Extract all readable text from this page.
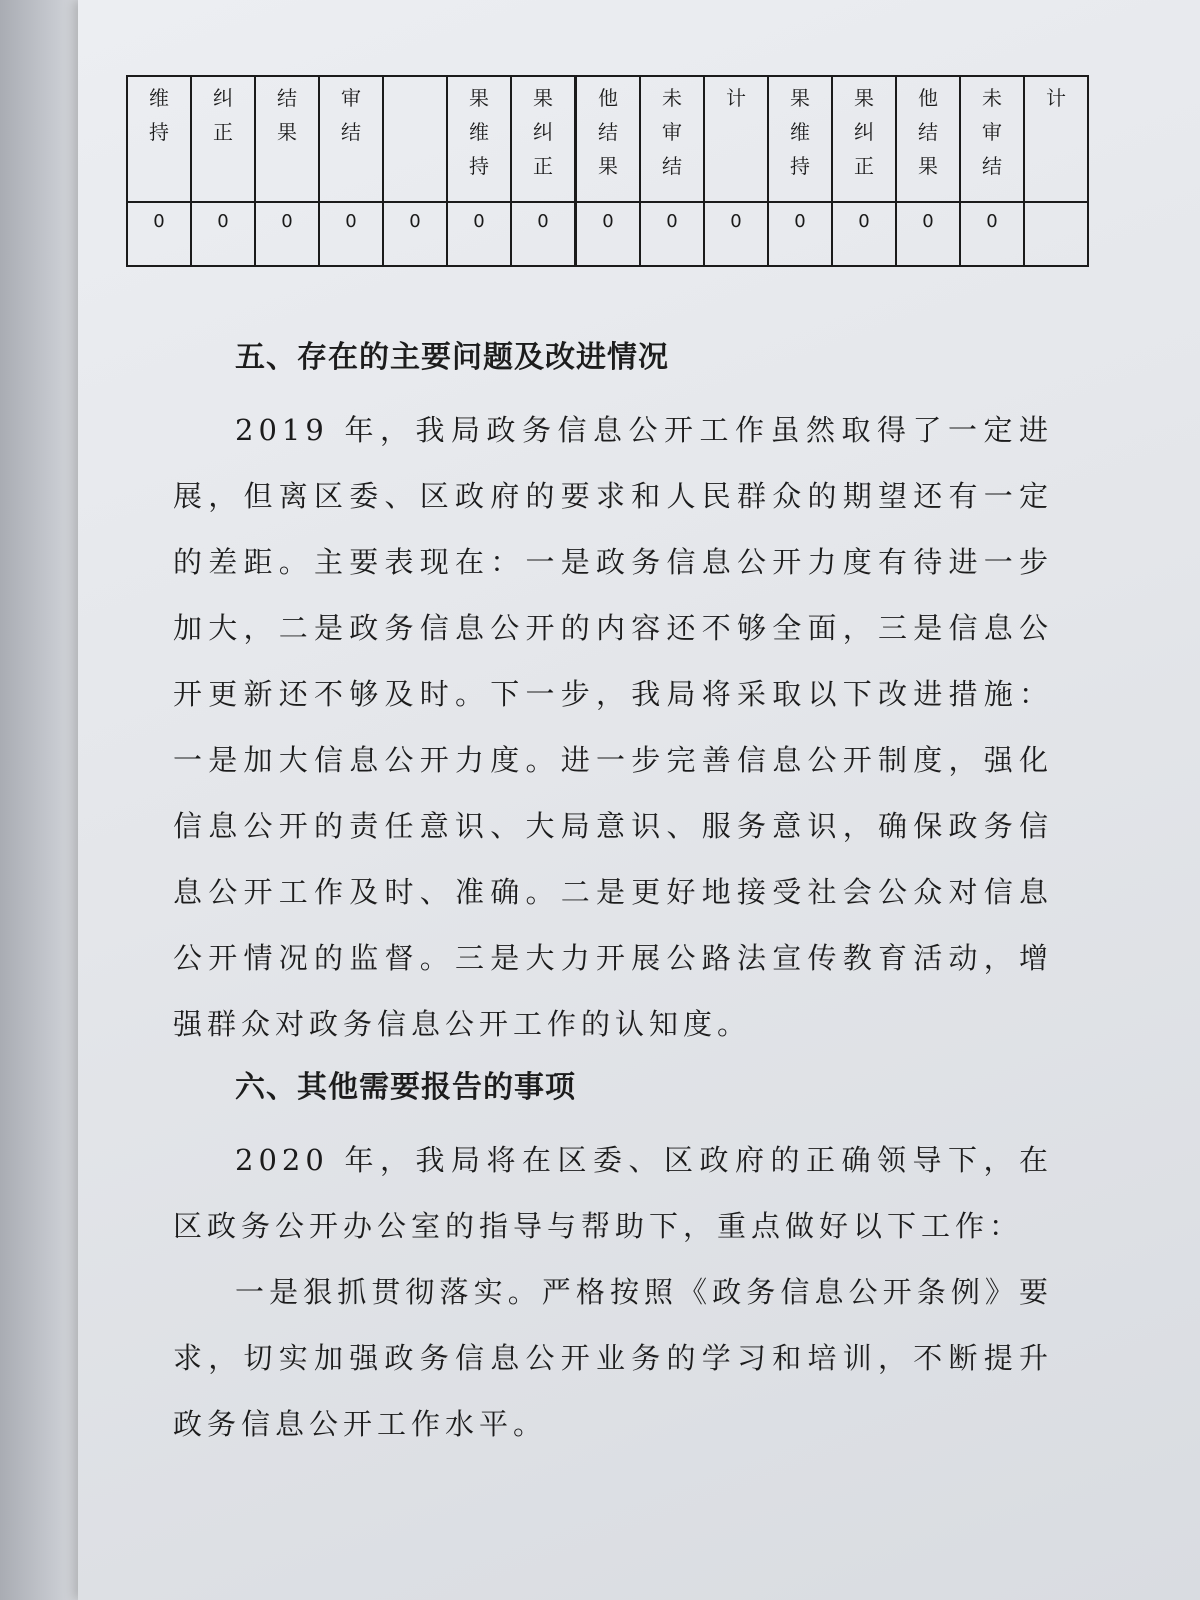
维持	纠正	结果	审结		果维持	果纠正	他结果	未审结	计	果维持	果纠正	他结果	未审结	计
0	0	0	0	0	0	0	0	0	0	0	0	0	0	
五、存在的主要问题及改进情况

2019 年，我局政务信息公开工作虽然取得了一定进展，但离区委、区政府的要求和人民群众的期望还有一定的差距。主要表现在：一是政务信息公开力度有待进一步加大，二是政务信息公开的内容还不够全面，三是信息公开更新还不够及时。下一步，我局将采取以下改进措施：一是加大信息公开力度。进一步完善信息公开制度，强化信息公开的责任意识、大局意识、服务意识，确保政务信息公开工作及时、准确。二是更好地接受社会公众对信息公开情况的监督。三是大力开展公路法宣传教育活动，增强群众对政务信息公开工作的认知度。

六、其他需要报告的事项

2020 年，我局将在区委、区政府的正确领导下，在区政务公开办公室的指导与帮助下，重点做好以下工作：

一是狠抓贯彻落实。严格按照《政务信息公开条例》要求，切实加强政务信息公开业务的学习和培训，不断提升政务信息公开工作水平。
